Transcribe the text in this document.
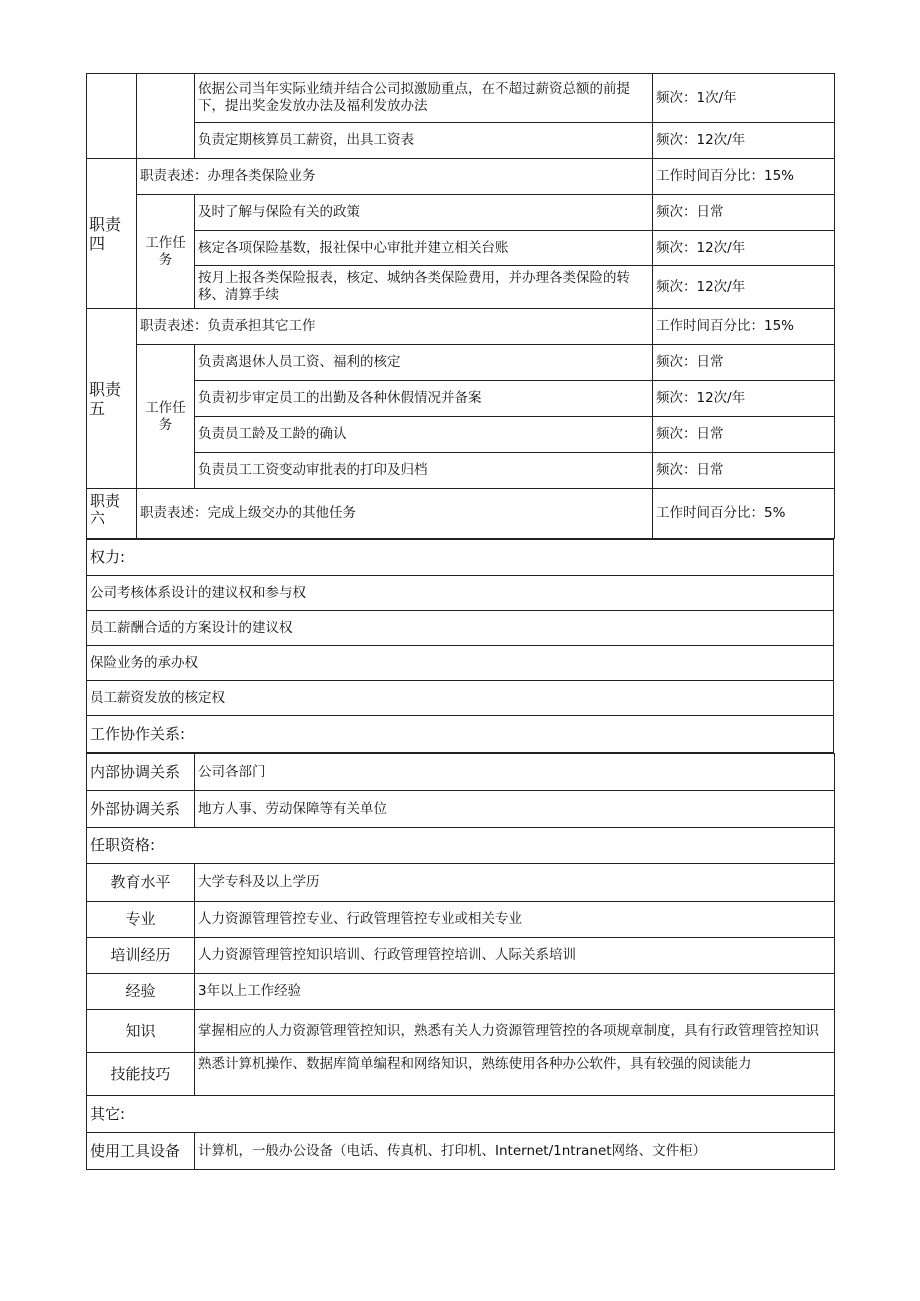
		依据公司当年实际业绩并结合公司拟激励重点，在不超过薪资总额的前提下，提出奖金发放办法及福利发放办法	频次：1次/年
		负责定期核算员工薪资，出具工资表	频次：12次/年
职责四	职责表述：办理各类保险业务		工作时间百分比：15%
	工作任务	及时了解与保险有关的政策	频次：日常
		核定各项保险基数，报社保中心审批并建立相关台账	频次：12次/年
		按月上报各类保险报表，核定、城纳各类保险费用，并办理各类保险的转移、清算手续	频次：12次/年
职责五	职责表述：负责承担其它工作		工作时间百分比：15%
	工作任务	负责离退休人员工资、福利的核定	频次：日常
		负责初步审定员工的出勤及各种休假情况并备案	频次：12次/年
		负责员工龄及工龄的确认	频次：日常
		负责员工工资变动审批表的打印及归档	频次：日常
职责六	职责表述：完成上级交办的其他任务		工作时间百分比：5%
权力:
公司考核体系设计的建议权和参与权
员工薪酬合适的方案设计的建议权
保险业务的承办权
员工薪资发放的核定权
工作协作关系:
内部协调关系	公司各部门
外部协调关系	地方人事、劳动保障等有关单位
任职资格:	
教育水平	大学专科及以上学历
专业	人力资源管理管控专业、行政管理管控专业或相关专业
培训经历	人力资源管理管控知识培训、行政管理管控培训、人际关系培训
经验	3年以上工作经验
知识	掌握相应的人力资源管理管控知识，熟悉有关人力资源管理管控的各项规章制度，具有行政管理管控知识
技能技巧	熟悉计算机操作、数据库简单编程和网络知识，熟练使用各种办公软件，具有较强的阅读能力
其它:	
使用工具设备	计算机，一般办公设备（电话、传真机、打印机、Internet/1ntranet网络、文件柜）
